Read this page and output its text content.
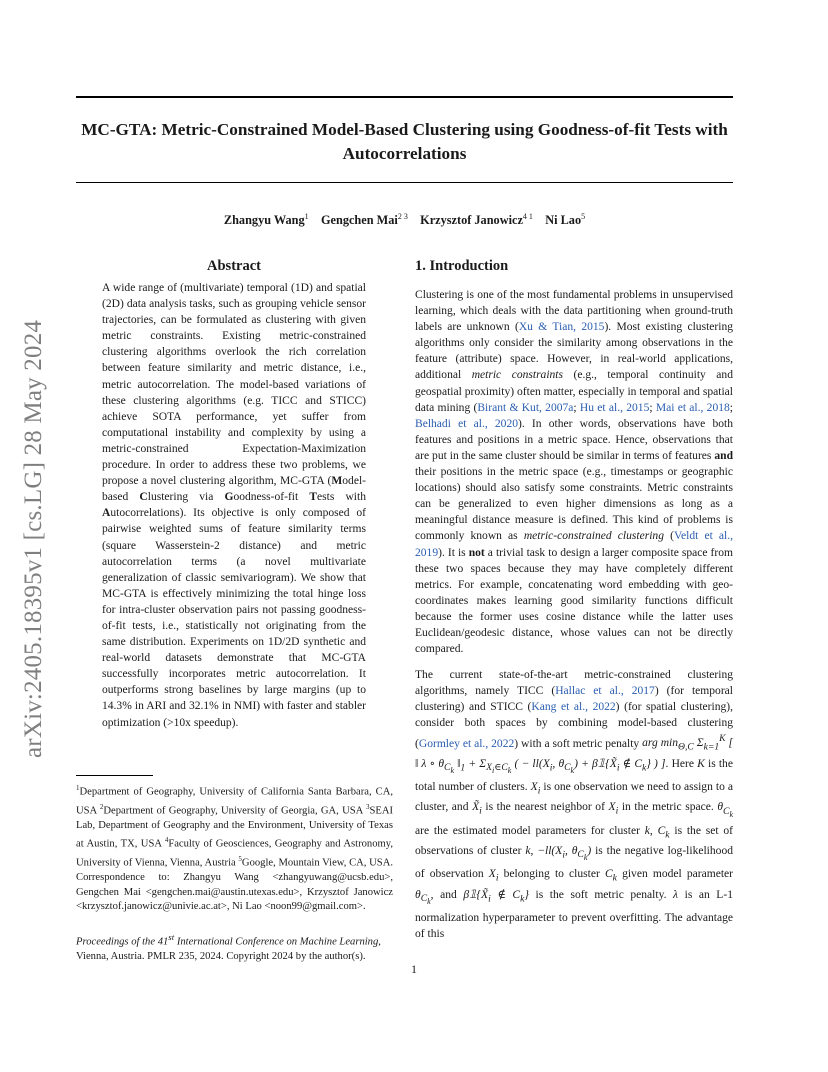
MC-GTA: Metric-Constrained Model-Based Clustering using Goodness-of-fit Tests with Autocorrelations

Zhangyu Wang$^1$ Gengchen Mai$^{2 3}$ Krzysztof Janowicz$^{4 1}$ Ni Lao$^5$

arXiv:2405.18395v1 [cs.LG] 28 May 2024
Abstract

A wide range of (multivariate) temporal (1D) and spatial (2D) data analysis tasks, such as grouping vehicle sensor trajectories, can be formulated as clustering with given metric constraints. Existing metric-constrained clustering algorithms overlook the rich correlation between feature similarity and metric distance, i.e., metric autocorrelation. The model-based variations of these clustering algorithms (e.g. TICC and STICC) achieve SOTA performance, yet suffer from computational instability and complexity by using a metric-constrained Expectation-Maximization procedure. In order to address these two problems, we propose a novel clustering algorithm, MC-GTA (Model-based Clustering via Goodness-of-fit Tests with Autocorrelations). Its objective is only composed of pairwise weighted sums of feature similarity terms (square Wasserstein-2 distance) and metric autocorrelation terms (a novel multivariate generalization of classic semivariogram). We show that MC-GTA is effectively minimizing the total hinge loss for intra-cluster observation pairs not passing goodness-of-fit tests, i.e., statistically not originating from the same distribution. Experiments on 1D/2D synthetic and real-world datasets demonstrate that MC-GTA successfully incorporates metric autocorrelation. It outperforms strong baselines by large margins (up to 14.3% in ARI and 32.1% in NMI) with faster and stabler optimization (>10x speedup).

$^1$Department of Geography, University of California Santa Barbara, CA, USA $^2$Department of Geography, University of Georgia, GA, USA $^3$SEAI Lab, Department of Geography and the Environment, University of Texas at Austin, TX, USA $^4$Faculty of Geosciences, Geography and Astronomy, University of Vienna, Vienna, Austria $^5$Google, Mountain View, CA, USA. Correspondence to: Zhangyu Wang <zhangyuwang@ucsb.edu>, Gengchen Mai <gengchen.mai@austin.utexas.edu>, Krzysztof Janowicz <krzysztof.janowicz@univie.ac.at>, Ni Lao <noon99@gmail.com>.

Proceedings of the 41st International Conference on Machine Learning, Vienna, Austria. PMLR 235, 2024. Copyright 2024 by the author(s).

1. Introduction

Clustering is one of the most fundamental problems in unsupervised learning, which deals with the data partitioning when ground-truth labels are unknown (Xu & Tian, 2015). Most existing clustering algorithms only consider the similarity among observations in the feature (attribute) space. However, in real-world applications, additional metric constraints (e.g., temporal continuity and geospatial proximity) often matter, especially in temporal and spatial data mining (Birant & Kut, 2007a; Hu et al., 2015; Mai et al., 2018; Belhadi et al., 2020). In other words, observations have both features and positions in a metric space. Hence, observations that are put in the same cluster should be similar in terms of features and their positions in the metric space (e.g., timestamps or geographic locations) should also satisfy some constraints. Metric constraints can be generalized to even higher dimensions as long as a meaningful distance measure is defined. This kind of problems is commonly known as metric-constrained clustering (Veldt et al., 2019). It is not a trivial task to design a larger composite space from these two spaces because they may have completely different metrics. For example, concatenating word embedding with geo-coordinates makes learning good similarity functions difficult because the former uses cosine distance while the latter uses Euclidean/geodesic distance, whose values can not be directly compared.

The current state-of-the-art metric-constrained clustering algorithms, namely TICC (Hallac et al., 2017) (for temporal clustering) and STICC (Kang et al., 2022) (for spatial clustering), consider both spaces by combining model-based clustering (Gormley et al., 2022) with a soft metric penalty arg $\min_{\Theta,C} \Sigma_{k=1}^K$ [ ‖ λ ∘ $\theta_{C_k}$ $‖_1 + \Sigma_{X_i\in C_k}$ ( − $ll(X_i$, $\theta_{C_k}$) + $\beta 𝟙\{X̃_i$ ∉ $C_k$} ) ]. Here K is the total number of clusters. $X_i$ is one observation we need to assign to a cluster, and $X̃_i$ is the nearest neighbor of $X_i$ in the metric space. $\theta_{C_k}$ are the estimated model parameters for cluster k, $C_k$ is the set of observations of cluster k, $-ll(X_i$, $\theta_{C_k}$) is the negative log-likelihood of observation $X_i$ belonging to cluster $C_k$ given model parameter $\theta_{C_k}$, and $\beta 𝟙\{X̃_i$ ∉ $C_k$} is the soft metric penalty. λ is an L-1 normalization hyperparameter to prevent overfitting. The advantage of this

1
